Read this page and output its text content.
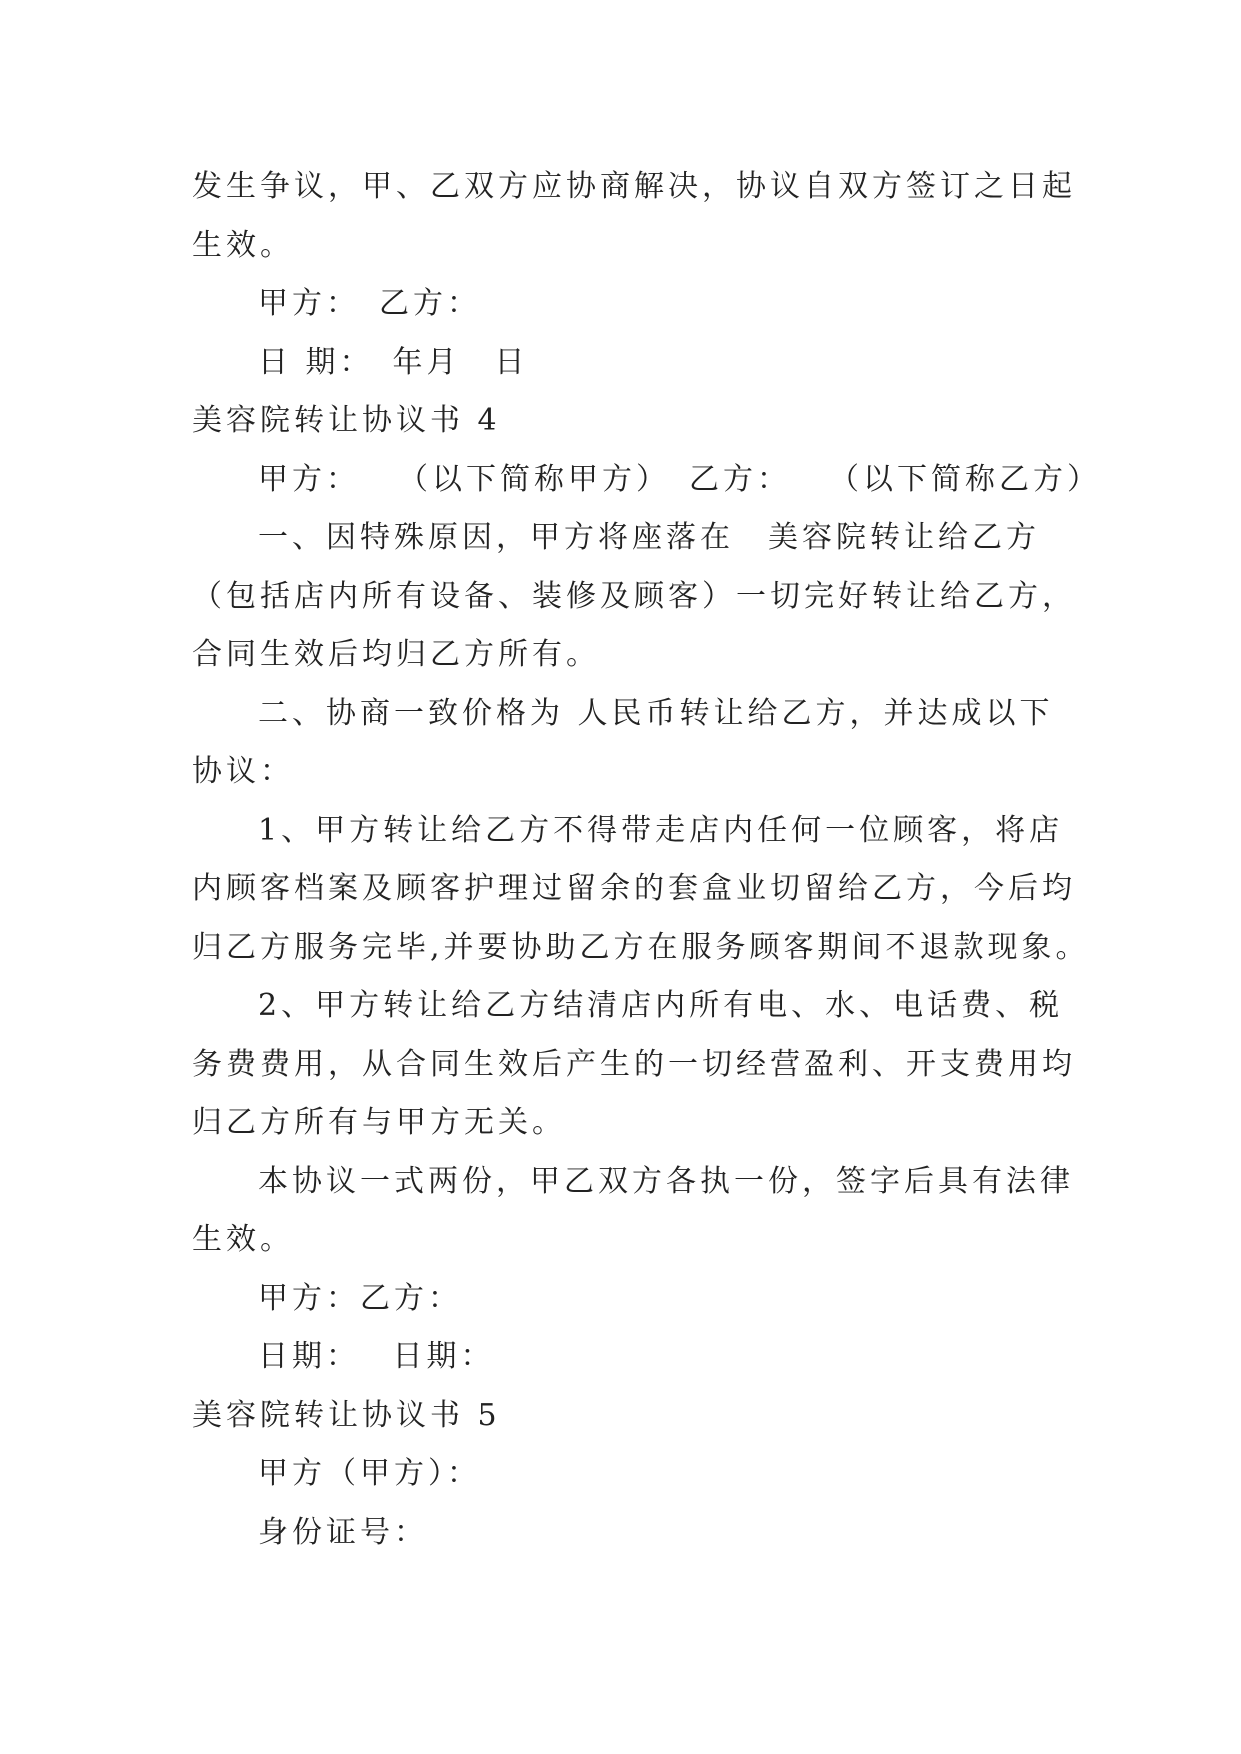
发生争议，甲、乙双方应协商解决，协议自双方签订之日起
生效。
甲方：　乙方：
日 期：　年月　日
美容院转让协议书 4
甲方：　　（以下简称甲方）　乙方：　　（以下简称乙方）
一、因特殊原因，甲方将座落在　美容院转让给乙方
（包括店内所有设备、装修及顾客）一切完好转让给乙方，
合同生效后均归乙方所有。
二、协商一致价格为 人民币转让给乙方，并达成以下
协议：
1、甲方转让给乙方不得带走店内任何一位顾客，将店
内顾客档案及顾客护理过留余的套盒业切留给乙方，今后均
归乙方服务完毕,并要协助乙方在服务顾客期间不退款现象。
2、甲方转让给乙方结清店内所有电、水、电话费、税
务费费用，从合同生效后产生的一切经营盈利、开支费用均
归乙方所有与甲方无关。
本协议一式两份，甲乙双方各执一份，签字后具有法律
生效。
甲方：乙方：
日期：　 日期：
美容院转让协议书 5
甲方（甲方）：
身份证号：
